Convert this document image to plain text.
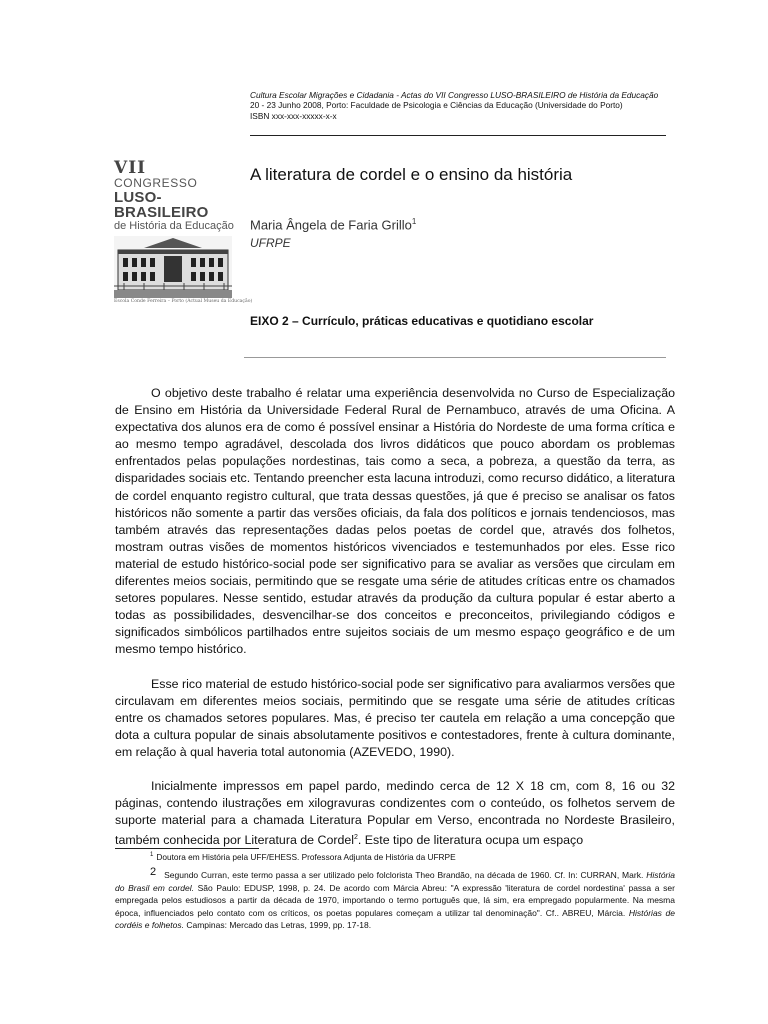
Cultura Escolar Migrações e Cidadania - Actas do VII Congresso LUSO-BRASILEIRO de História da Educação
20 - 23 Junho 2008, Porto: Faculdade de Psicologia e Ciências da Educação (Universidade do Porto)
ISBN xxx-xxx-xxxxx-x-x
VII
CONGRESSO
LUSO-BRASILEIRO
de História da Educação
Escola Conde Ferreira – Porto (Actual Museu da Educação)
A literatura de cordel e o ensino da história
Maria Ângela de Faria Grillo$^1$
UFRPE
EIXO 2 – Currículo, práticas educativas e quotidiano escolar

O objetivo deste trabalho é relatar uma experiência desenvolvida no Curso de Especialização de Ensino em História da Universidade Federal Rural de Pernambuco, através de uma Oficina. A expectativa dos alunos era de como é possível ensinar a História do Nordeste de uma forma crítica e ao mesmo tempo agradável, descolada dos livros didáticos que pouco abordam os problemas enfrentados pelas populações nordestinas, tais como a seca, a pobreza, a questão da terra, as disparidades sociais etc. Tentando preencher esta lacuna introduzi, como recurso didático, a literatura de cordel enquanto registro cultural, que trata dessas questões, já que é preciso se analisar os fatos históricos não somente a partir das versões oficiais, da fala dos políticos e jornais tendenciosos, mas também através das representações dadas pelos poetas de cordel que, através dos folhetos, mostram outras visões de momentos históricos vivenciados e testemunhados por eles. Esse rico material de estudo histórico-social pode ser significativo para se avaliar as versões que circulam em diferentes meios sociais, permitindo que se resgate uma série de atitudes críticas entre os chamados setores populares. Nesse sentido, estudar através da produção da cultura popular é estar aberto a todas as possibilidades, desvencilhar-se dos conceitos e preconceitos, privilegiando códigos e significados simbólicos partilhados entre sujeitos sociais de um mesmo espaço geográfico e de um mesmo tempo histórico.

Esse rico material de estudo histórico-social pode ser significativo para avaliarmos versões que circulavam em diferentes meios sociais, permitindo que se resgate uma série de atitudes críticas entre os chamados setores populares. Mas, é preciso ter cautela em relação a uma concepção que dota a cultura popular de sinais absolutamente positivos e contestadores, frente à cultura dominante, em relação à qual haveria total autonomia (AZEVEDO, 1990).

Inicialmente impressos em papel pardo, medindo cerca de 12 X 18 cm, com 8, 16 ou 32 páginas, contendo ilustrações em xilogravuras condizentes com o conteúdo, os folhetos servem de suporte material para a chamada Literatura Popular em Verso, encontrada no Nordeste Brasileiro, também conhecida por Literatura de Cordel$^2$. Este tipo de literatura ocupa um espaço

$^1$ Doutora em História pela UFF/EHESS. Professora Adjunta de História da UFRPE
2 Segundo Curran, este termo passa a ser utilizado pelo folclorista Theo Brandão, na década de 1960. Cf. In: CURRAN, Mark. História do Brasil em cordel. São Paulo: EDUSP, 1998, p. 24. De acordo com Márcia Abreu: "A expressão 'literatura de cordel nordestina' passa a ser empregada pelos estudiosos a partir da década de 1970, importando o termo português que, lá sim, era empregado popularmente. Na mesma época, influenciados pelo contato com os críticos, os poetas populares começam a utilizar tal denominação". Cf.. ABREU, Márcia. Histórias de cordéis e folhetos. Campinas: Mercado das Letras, 1999, pp. 17-18.
